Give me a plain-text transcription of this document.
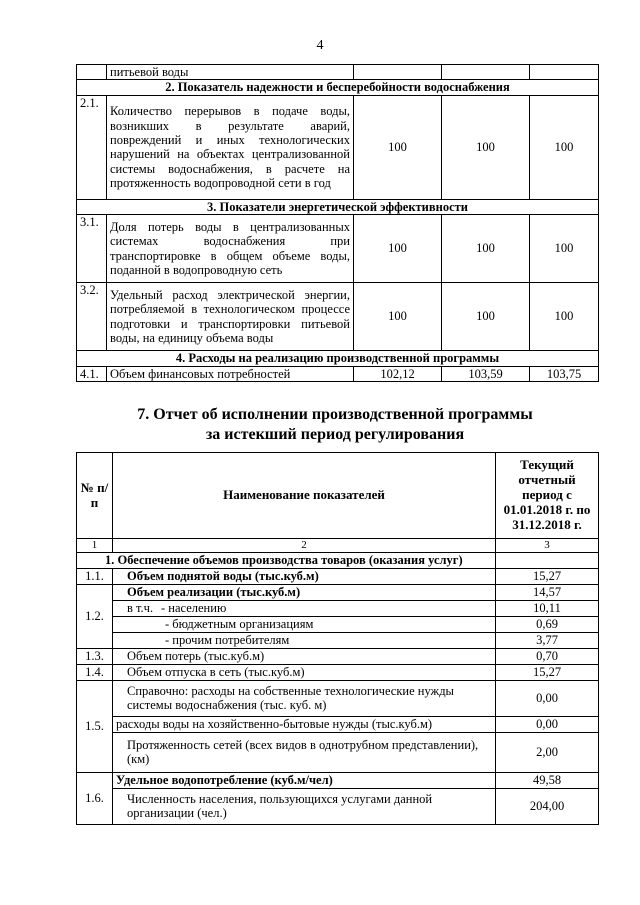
4
	питьевой воды			
2. Показатель надежности и бесперебойности водоснабжения				
2.1.	Количество перерывов в подаче воды, возникших в результате аварий, повреждений и иных технологических нарушений на объектах централизованной системы водоснабжения, в расчете на протяженность водопроводной сети в год	100	100	100
3. Показатели энергетической эффективности				
3.1.	Доля потерь воды в централизованных системах водоснабжения при транспортировке в общем объеме воды, поданной в водопроводную сеть	100	100	100
3.2.	Удельный расход электрической энергии, потребляемой в технологическом процессе подготовки и транспортировки питьевой воды, на единицу объема воды	100	100	100
4. Расходы на реализацию производственной программы				
4.1.	Объем финансовых потребностей	102,12	103,59	103,75
7. Отчет об исполнении производственной программы
за истекший период регулирования
№ п/п	Наименование показателей	Текущий отчетный период с 01.01.2018 г. по 31.12.2018 г.
1	2	3
1. Обеспечение объемов производства товаров (оказания услуг)		
1.1.	Объем поднятой воды (тыс.куб.м)	15,27
1.2.	Объем реализации (тыс.куб.м)	14,57
	в т.ч. - населению	10,11
	- бюджетным организациям	0,69
	- прочим потребителям	3,77
1.3.	Объем потерь (тыс.куб.м)	0,70
1.4.	Объем отпуска в сеть (тыс.куб.м)	15,27
1.5.	Справочно: расходы на собственные технологические нужды системы водоснабжения (тыс. куб. м)	0,00
	расходы воды на хозяйственно-бытовые нужды (тыс.куб.м)	0,00
	Протяженность сетей (всех видов в однотрубном представлении), (км)	2,00
1.6.	Удельное водопотребление (куб.м/чел)	49,58
	Численность населения, пользующихся услугами данной организации (чел.)	204,00
